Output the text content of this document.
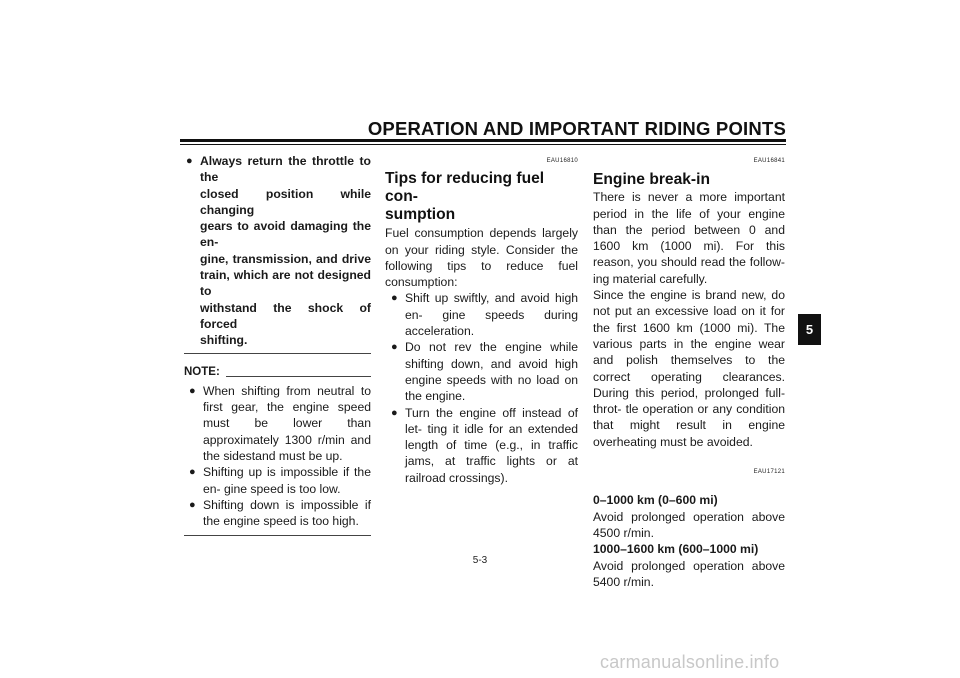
OPERATION AND IMPORTANT RIDING POINTS
5
● Always return the throttle to the
closed position while changing
gears to avoid damaging the en-
gine, transmission, and drive
train, which are not designed to
withstand the shock of forced
shifting.
NOTE:
● When shifting from neutral to first gear, the engine speed must be lower than approximately 1300 r/min and the sidestand must be up.
● Shifting up is impossible if the en- gine speed is too low.
● Shifting down is impossible if the engine speed is too high.
EAU16810
Tips for reducing fuel con-
sumption

Fuel consumption depends largely on your riding style. Consider the following tips to reduce fuel consumption:

● Shift up swiftly, and avoid high en- gine speeds during acceleration.
● Do not rev the engine while shifting down, and avoid high engine speeds with no load on the engine.
● Turn the engine off instead of let- ting it idle for an extended length of time (e.g., in traffic jams, at traffic lights or at railroad crossings).
EAU16841
Engine break-in

There is never a more important period in the life of your engine than the period between 0 and 1600 km (1000 mi). For this reason, you should read the follow- ing material carefully.

Since the engine is brand new, do not put an excessive load on it for the first 1600 km (1000 mi). The various parts in the engine wear and polish themselves to the correct operating clearances. During this period, prolonged full-throt- tle operation or any condition that might result in engine overheating must be avoided.

EAU17121
0–1000 km (0–600 mi)

Avoid prolonged operation above 4500 r/min.

1000–1600 km (600–1000 mi)

Avoid prolonged operation above 5400 r/min.

5-3
carmanualsonline.info
